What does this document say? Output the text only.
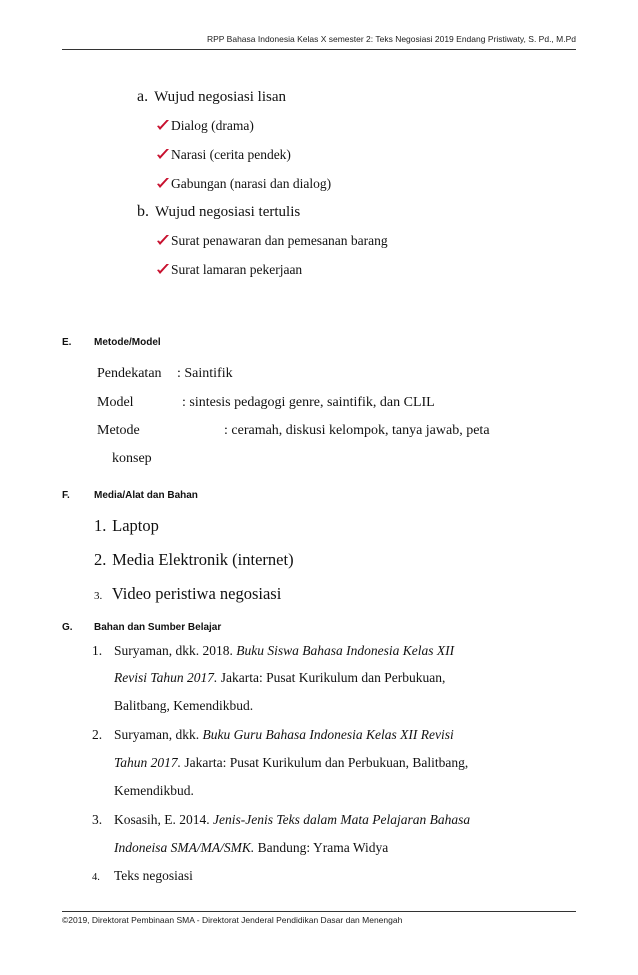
RPP Bahasa Indonesia Kelas X semester 2: Teks Negosiasi 2019 Endang Pristiwaty, S. Pd., M.Pd
a. Wujud negosiasi lisan
Dialog (drama)
Narasi (cerita pendek)
Gabungan (narasi dan dialog)
b. Wujud negosiasi tertulis
Surat penawaran dan pemesanan barang
Surat lamaran pekerjaan
E. Metode/Model
Pendekatan : Saintifik
Model	: sintesis pedagogi genre, saintifik, dan CLIL
Metode	: ceramah, diskusi kelompok, tanya jawab, peta
konsep
F. Media/Alat dan Bahan
1. Laptop
2. Media Elektronik (internet)
3. Video peristiwa negosiasi
G. Bahan dan Sumber Belajar
1. Suryaman, dkk. 2018. Buku Siswa Bahasa Indonesia Kelas XII
Revisi Tahun 2017. Jakarta: Pusat Kurikulum dan Perbukuan,
Balitbang, Kemendikbud.
2. Suryaman, dkk. Buku Guru Bahasa Indonesia Kelas XII Revisi
Tahun 2017. Jakarta: Pusat Kurikulum dan Perbukuan, Balitbang,
Kemendikbud.
3. Kosasih, E. 2014. Jenis-Jenis Teks dalam Mata Pelajaran Bahasa
Indoneisa SMA/MA/SMK. Bandung: Yrama Widya
4. Teks negosiasi
©2019, Direktorat Pembinaan SMA - Direktorat Jenderal Pendidikan Dasar dan Menengah
